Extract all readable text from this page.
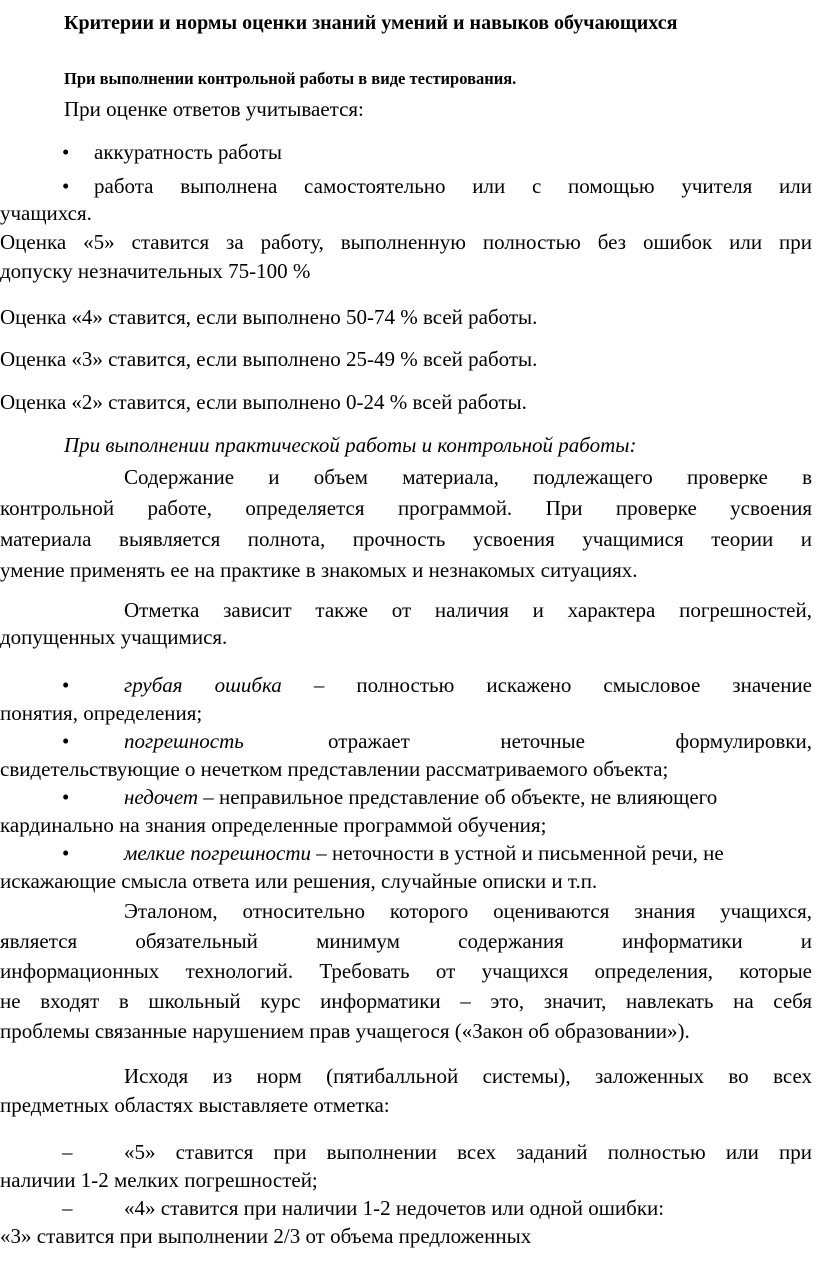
Критерии и нормы оценки знаний умений и навыков обучающихся
При выполнении контрольной работы в виде тестирования.
При оценке ответов учитывается:
• аккуратность работы
• работа выполнена самостоятельно или с помощью учителя или
учащихся.
Оценка «5» ставится за работу, выполненную полностью без ошибок или при
допуску незначительных 75-100 %
Оценка «4» ставится, если выполнено 50-74 % всей работы.
Оценка «3» ставится, если выполнено 25-49 % всей работы.
Оценка «2» ставится, если выполнено 0-24 % всей работы.
При выполнении практической работы и контрольной работы:
Содержание и объем материала, подлежащего проверке в
контрольной работе, определяется программой. При проверке усвоения
материала выявляется полнота, прочность усвоения учащимися теории и
умение применять ее на практике в знакомых и незнакомых ситуациях.
Отметка зависит также от наличия и характера погрешностей,
допущенных учащимися.
•	грубая ошибка – полностью искажено смысловое значение
понятия, определения;
•	погрешность	отражает неточные формулировки,
свидетельствующие о нечетком представлении рассматриваемого объекта;
•	недочет – неправильное представление об объекте, не влияющего
кардинально на знания определенные программой обучения;
•	мелкие погрешности – неточности в устной и письменной речи, не
искажающие смысла ответа или решения, случайные описки и т.п.
Эталоном, относительно которого оцениваются знания учащихся,
является обязательный минимум содержания информатики и
информационных технологий. Требовать от учащихся определения, которые
не входят в школьный курс информатики – это, значит, навлекать на себя
проблемы связанные нарушением прав учащегося («Закон об образовании»).
Исходя из норм (пятибалльной системы), заложенных во всех
предметных областях выставляете отметка:
– «5» ставится при выполнении всех заданий полностью или при
наличии 1-2 мелких погрешностей;
– «4» ставится при наличии 1-2 недочетов или одной ошибки:
«3» ставится при выполнении 2/3 от объема предложенных
